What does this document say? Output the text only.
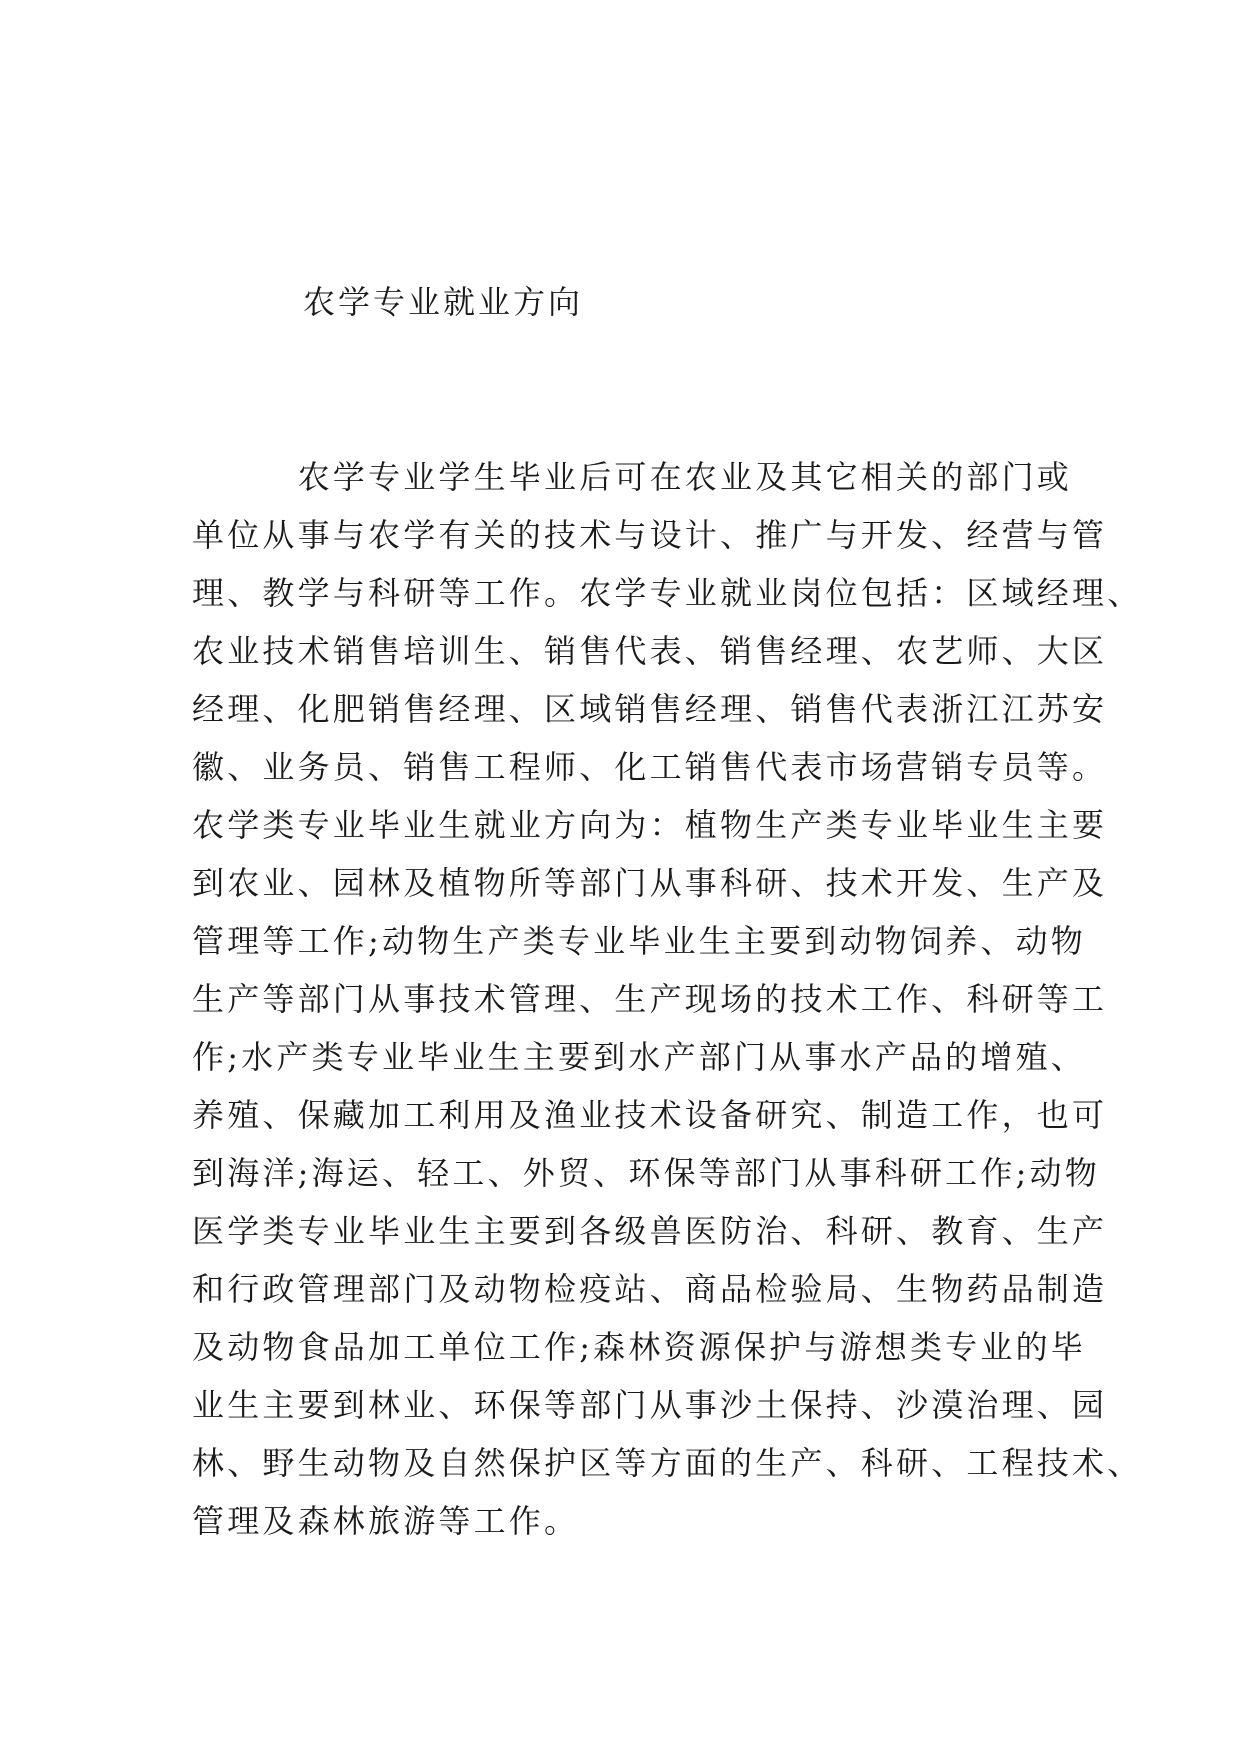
农学专业就业方向
　　　农学专业学生毕业后可在农业及其它相关的部门或
单位从事与农学有关的技术与设计、推广与开发、经营与管
理、教学与科研等工作。农学专业就业岗位包括：区域经理、
农业技术销售培训生、销售代表、销售经理、农艺师、大区
经理、化肥销售经理、区域销售经理、销售代表浙江江苏安
徽、业务员、销售工程师、化工销售代表市场营销专员等。
农学类专业毕业生就业方向为：植物生产类专业毕业生主要
到农业、园林及植物所等部门从事科研、技术开发、生产及
管理等工作;动物生产类专业毕业生主要到动物饲养、动物
生产等部门从事技术管理、生产现场的技术工作、科研等工
作;水产类专业毕业生主要到水产部门从事水产品的增殖、
养殖、保藏加工利用及渔业技术设备研究、制造工作，也可
到海洋;海运、轻工、外贸、环保等部门从事科研工作;动物
医学类专业毕业生主要到各级兽医防治、科研、教育、生产
和行政管理部门及动物检疫站、商品检验局、生物药品制造
及动物食品加工单位工作;森林资源保护与游想类专业的毕
业生主要到林业、环保等部门从事沙土保持、沙漠治理、园
林、野生动物及自然保护区等方面的生产、科研、工程技术、
管理及森林旅游等工作。
